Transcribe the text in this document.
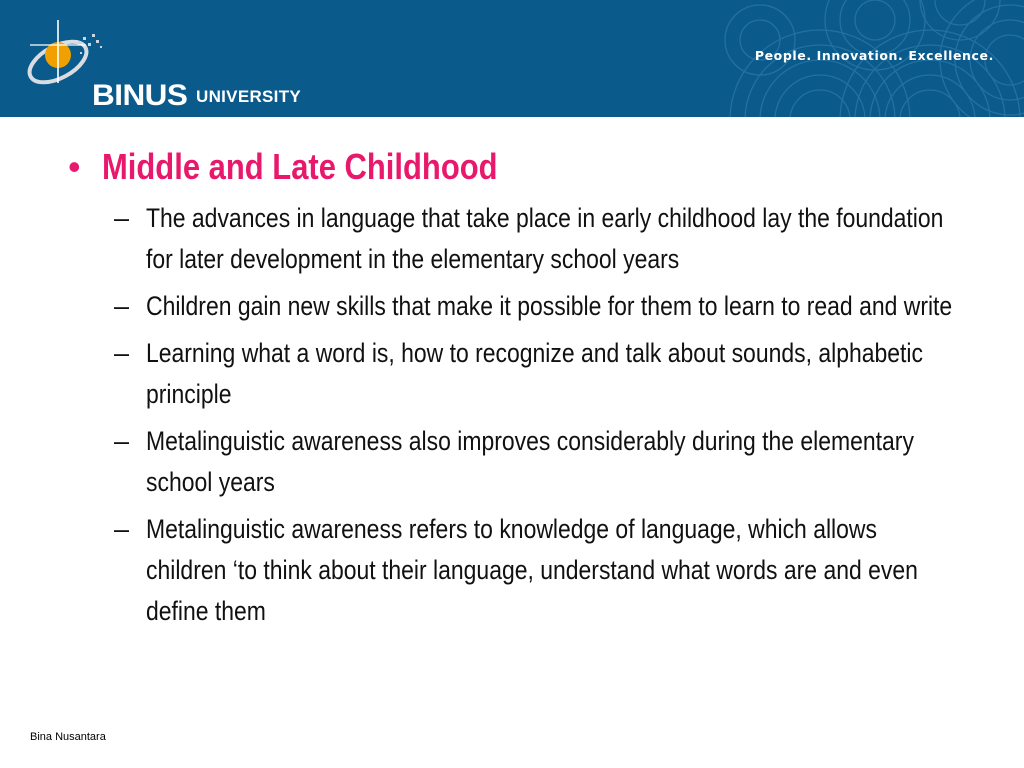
BINUS UNIVERSITY
People. Innovation. Excellence.
• Middle and Late Childhood
– The advances in language that take place in early childhood lay the foundation for later development in the elementary school years
– Children gain new skills that make it possible for them to learn to read and write
– Learning what a word is, how to recognize and talk about sounds, alphabetic principle
– Metalinguistic awareness also improves considerably during the elementary school years
– Metalinguistic awareness refers to knowledge of language, which allows children ‘to think about their language, understand what words are and even define them
Bina Nusantara
